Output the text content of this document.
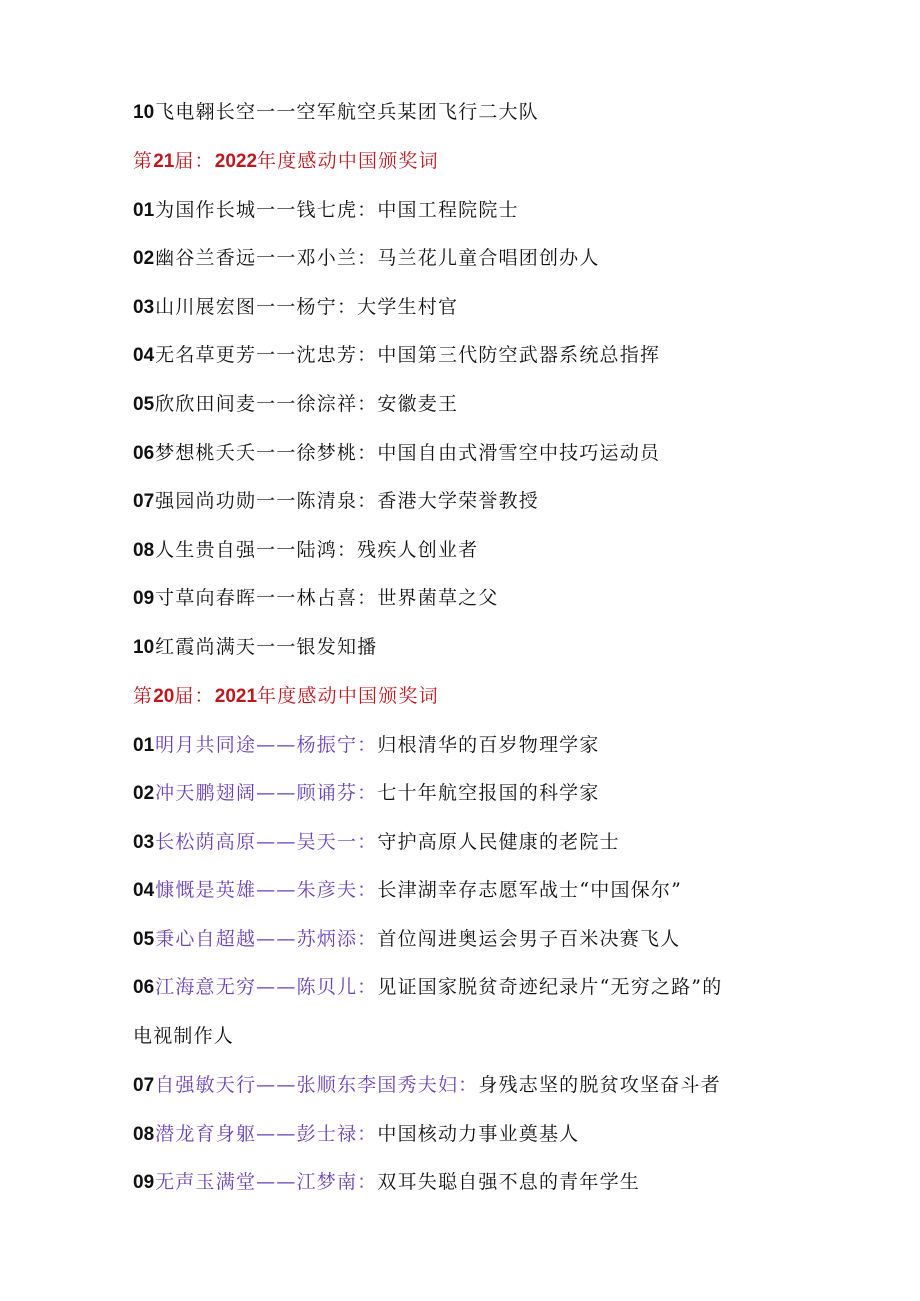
10飞电翱长空一一空军航空兵某团飞行二大队
第21届：2022年度感动中国颁奖词
01为国作长城一一钱七虎：中国工程院院士
02幽谷兰香远一一邓小兰：马兰花儿童合唱团创办人
03山川展宏图一一杨宁：大学生村官
04无名草更芳一一沈忠芳：中国第三代防空武器系统总指挥
05欣欣田间麦一一徐淙祥：安徽麦王
06梦想桃夭夭一一徐梦桃：中国自由式滑雪空中技巧运动员
07强园尚功勋一一陈清泉：香港大学荣誉教授
08人生贵自强一一陆鸿：残疾人创业者
09寸草向春晖一一林占喜：世界菌草之父
10红霞尚满天一一银发知播
第20届：2021年度感动中国颁奖词
01明月共同途——杨振宁：归根清华的百岁物理学家
02冲天鹏翅阔——顾诵芬：七十年航空报国的科学家
03长松荫高原——吴天一：守护高原人民健康的老院士
04慷慨是英雄——朱彦夫：长津湖幸存志愿军战士“中国保尔”
05秉心自超越——苏炳添：首位闯进奥运会男子百米决赛飞人
06江海意无穷——陈贝儿：见证国家脱贫奇迹纪录片“无穷之路”的
电视制作人
07自强敏天行——张顺东李国秀夫妇：身残志坚的脱贫攻坚奋斗者
08潜龙育身躯——彭士禄：中国核动力事业奠基人
09无声玉满堂——江梦南：双耳失聪自强不息的青年学生
